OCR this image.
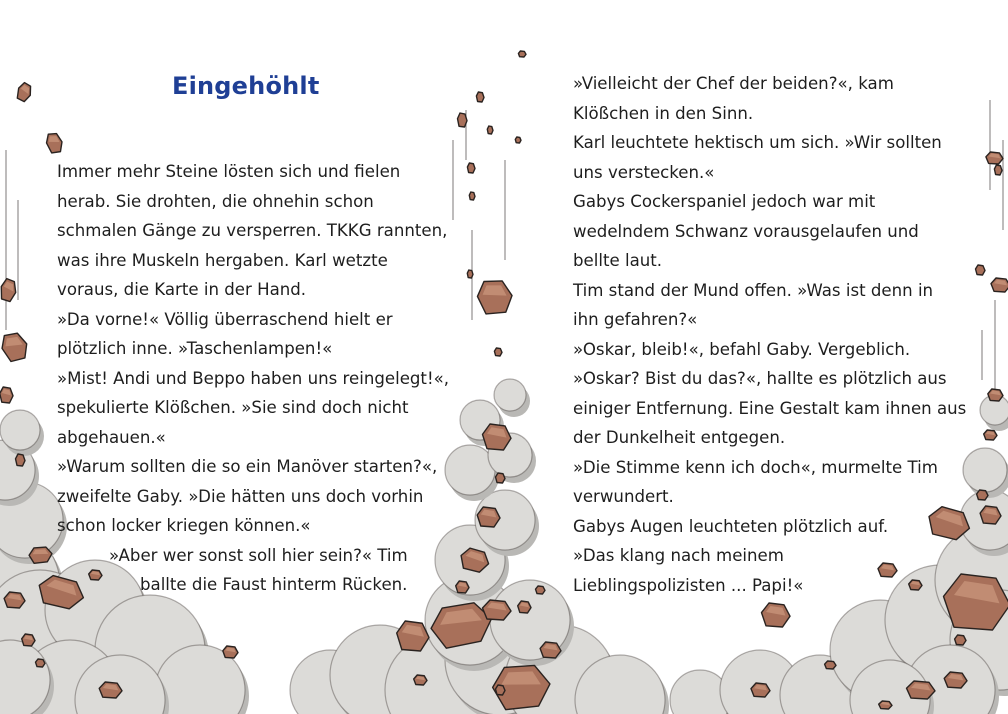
Eingehöhlt
Immer mehr Steine lösten sich und fielen
herab. Sie drohten, die ohnehin schon
schmalen Gänge zu versperren. TKKG rannten,
was ihre Muskeln hergaben. Karl wetzte
voraus, die Karte in der Hand.
»Da vorne!« Völlig überraschend hielt er
plötzlich inne. »Taschenlampen!«
»Mist! Andi und Beppo haben uns reingelegt!«,
spekulierte Klößchen. »Sie sind doch nicht
abgehauen.«
»Warum sollten die so ein Manöver starten?«,
zweifelte Gaby. »Die hätten uns doch vorhin
schon locker kriegen können.«
»Aber wer sonst soll hier sein?« Tim
ballte die Faust hinterm Rücken.
»Vielleicht der Chef der beiden?«, kam
Klößchen in den Sinn.
Karl leuchtete hektisch um sich. »Wir sollten
uns verstecken.«
Gabys Cockerspaniel jedoch war mit
wedelndem Schwanz vorausgelaufen und
bellte laut.
Tim stand der Mund offen. »Was ist denn in
ihn gefahren?«
»Oskar, bleib!«, befahl Gaby. Vergeblich.
»Oskar? Bist du das?«, hallte es plötzlich aus
einiger Entfernung. Eine Gestalt kam ihnen aus
der Dunkelheit entgegen.
»Die Stimme kenn ich doch«, murmelte Tim
verwundert.
Gabys Augen leuchteten plötzlich auf.
»Das klang nach meinem
Lieblingspolizisten ... Papi!«
